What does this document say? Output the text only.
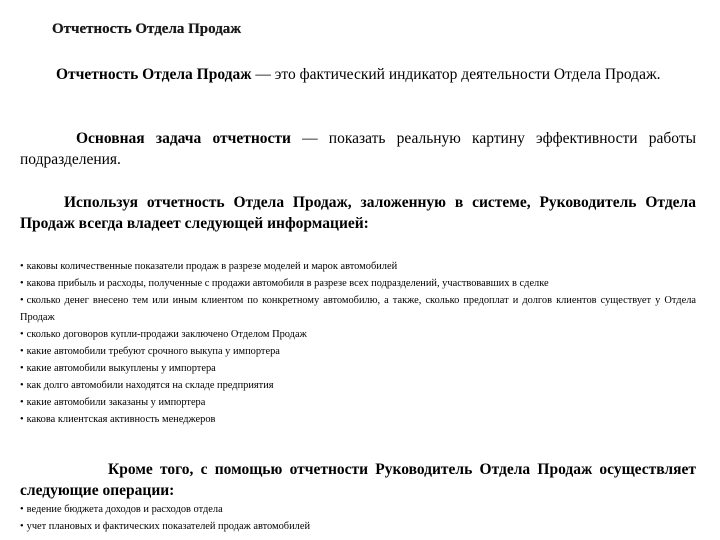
Отчетность Отдела Продаж
Отчетность Отдела Продаж — это фактический индикатор деятельности Отдела Продаж.
Основная задача отчетности — показать реальную картину эффективности работы подразделения.
Используя отчетность Отдела Продаж, заложенную в системе, Руководитель Отдела Продаж всегда владеет следующей информацией:
• каковы количественные показатели продаж в разрезе моделей и марок автомобилей
• какова прибыль и расходы, полученные с продажи автомобиля в разрезе всех подразделений, участвовавших в сделке
• сколько денег внесено тем или иным клиентом по конкретному автомобилю, а также, сколько предоплат и долгов клиентов существует у Отдела Продаж
• сколько договоров купли-продажи заключено Отделом Продаж
• какие автомобили требуют срочного выкупа у импортера
• какие автомобили выкуплены у импортера
• как долго автомобили находятся на складе предприятия
• какие автомобили заказаны у импортера
• какова клиентская активность менеджеров
Кроме того, с помощью отчетности Руководитель Отдела Продаж осуществляет следующие операции:
• ведение бюджета доходов и расходов отдела
• учет плановых и фактических показателей продаж автомобилей
